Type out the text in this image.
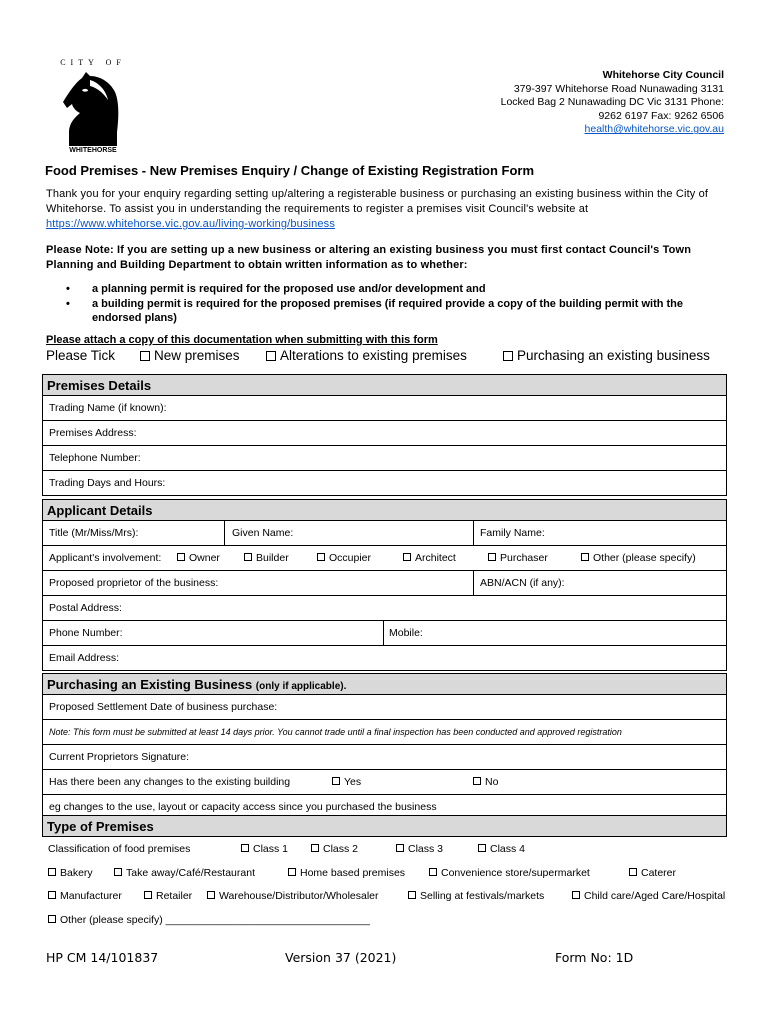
CITY OF
WHITEHORSE
Whitehorse City Council
379-397 Whitehorse Road Nunawading 3131
Locked Bag 2 Nunawading DC Vic 3131 Phone:
9262 6197 Fax: 9262 6506
health@whitehorse.vic.gov.au
Food Premises - New Premises Enquiry / Change of Existing Registration Form
Thank you for your enquiry regarding setting up/altering a registerable business or purchasing an existing business within the City of Whitehorse. To assist you in understanding the requirements to register a premises visit Council's website at https://www.whitehorse.vic.gov.au/living-working/business
Please Note: If you are setting up a new business or altering an existing business you must first contact Council's Town Planning and Building Department to obtain written information as to whether:
• a planning permit is required for the proposed use and/or development and
• a building permit is required for the proposed premises (if required provide a copy of the building permit with the endorsed plans)
Please attach a copy of this documentation when submitting with this form
Please Tick	New premises	Alterations to existing premises	Purchasing an existing business
Premises Details
Trading Name (if known):
Premises Address:
Telephone Number:
Trading Days and Hours:
Applicant Details
Title (Mr/Miss/Mrs):	Given Name:	Family Name:
Applicant's involvement:	Owner	Builder	Occupier	Architect	Purchaser	Other (please specify)
Proposed proprietor of the business:	ABN/ACN (if any):
Postal Address:
Phone Number:	Mobile:
Email Address:
Purchasing an Existing Business (only if applicable).
Proposed Settlement Date of business purchase:
Note: This form must be submitted at least 14 days prior. You cannot trade until a final inspection has been conducted and approved registration
Current Proprietors Signature:
Has there been any changes to the existing building	Yes	No
eg changes to the use, layout or capacity access since you purchased the business
Type of Premises
Classification of food premises	Class 1	Class 2	Class 3	Class 4
Bakery	Take away/Café/Restaurant	Home based premises	Convenience store/supermarket	Caterer
Manufacturer	Retailer	Warehouse/Distributor/Wholesaler	Selling at festivals/markets	Child care/Aged Care/Hospital
Other (please specify) ___________________________________
HP CM 14/101837	Version 37 (2021)	Form No: 1D
